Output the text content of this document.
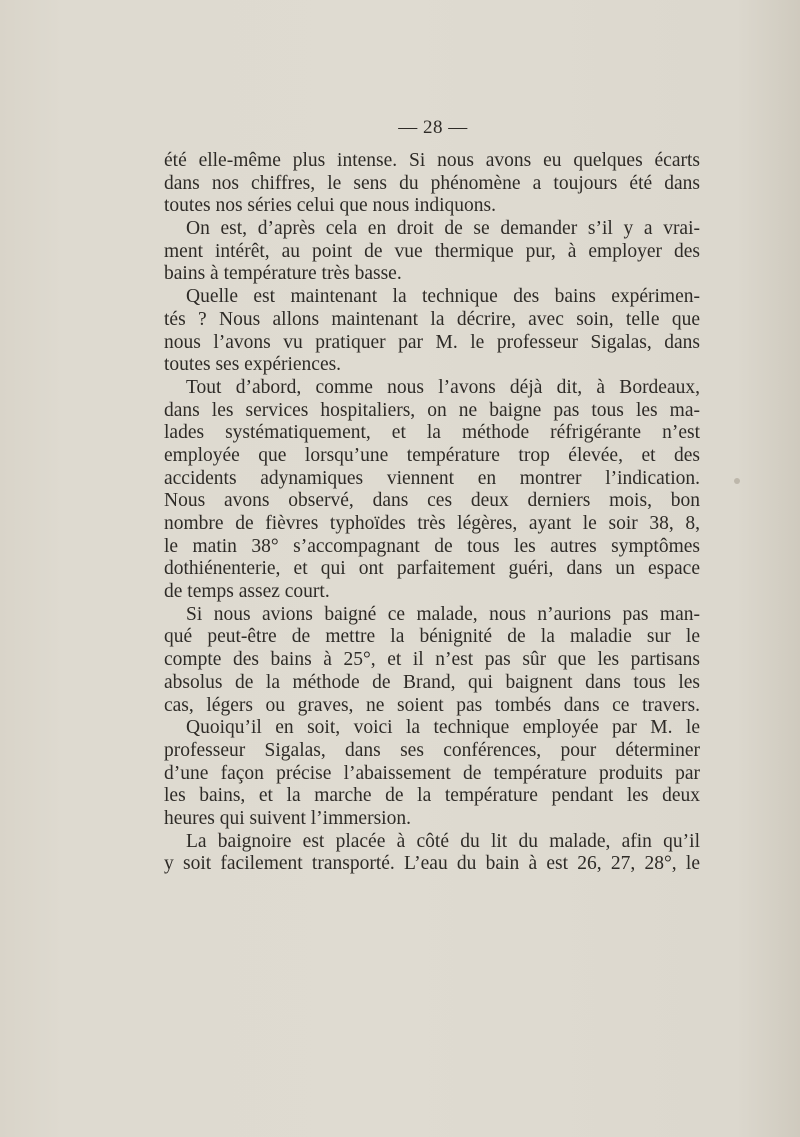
— 28 —
été elle-même plus intense. Si nous avons eu quelques écarts
dans nos chiffres, le sens du phénomène a toujours été dans
toutes nos séries celui que nous indiquons.
On est, d’après cela en droit de se demander s’il y a vrai-
ment intérêt, au point de vue thermique pur, à employer des
bains à température très basse.
Quelle est maintenant la technique des bains expérimen-
tés ? Nous allons maintenant la décrire, avec soin, telle que
nous l’avons vu pratiquer par M. le professeur Sigalas, dans
toutes ses expériences.
Tout d’abord, comme nous l’avons déjà dit, à Bordeaux,
dans les services hospitaliers, on ne baigne pas tous les ma-
lades systématiquement, et la méthode réfrigérante n’est
employée que lorsqu’une température trop élevée, et des
accidents adynamiques viennent en montrer l’indication.
Nous avons observé, dans ces deux derniers mois, bon
nombre de fièvres typhoïdes très légères, ayant le soir 38, 8,
le matin 38° s’accompagnant de tous les autres symptômes
dothiénenterie, et qui ont parfaitement guéri, dans un espace
de temps assez court.
Si nous avions baigné ce malade, nous n’aurions pas man-
qué peut-être de mettre la bénignité de la maladie sur le
compte des bains à 25°, et il n’est pas sûr que les partisans
absolus de la méthode de Brand, qui baignent dans tous les
cas, légers ou graves, ne soient pas tombés dans ce travers.
Quoiqu’il en soit, voici la technique employée par M. le
professeur Sigalas, dans ses conférences, pour déterminer
d’une façon précise l’abaissement de température produits par
les bains, et la marche de la température pendant les deux
heures qui suivent l’immersion.
La baignoire est placée à côté du lit du malade, afin qu’il
y soit facilement transporté. L’eau du bain à est 26, 27, 28°, le
